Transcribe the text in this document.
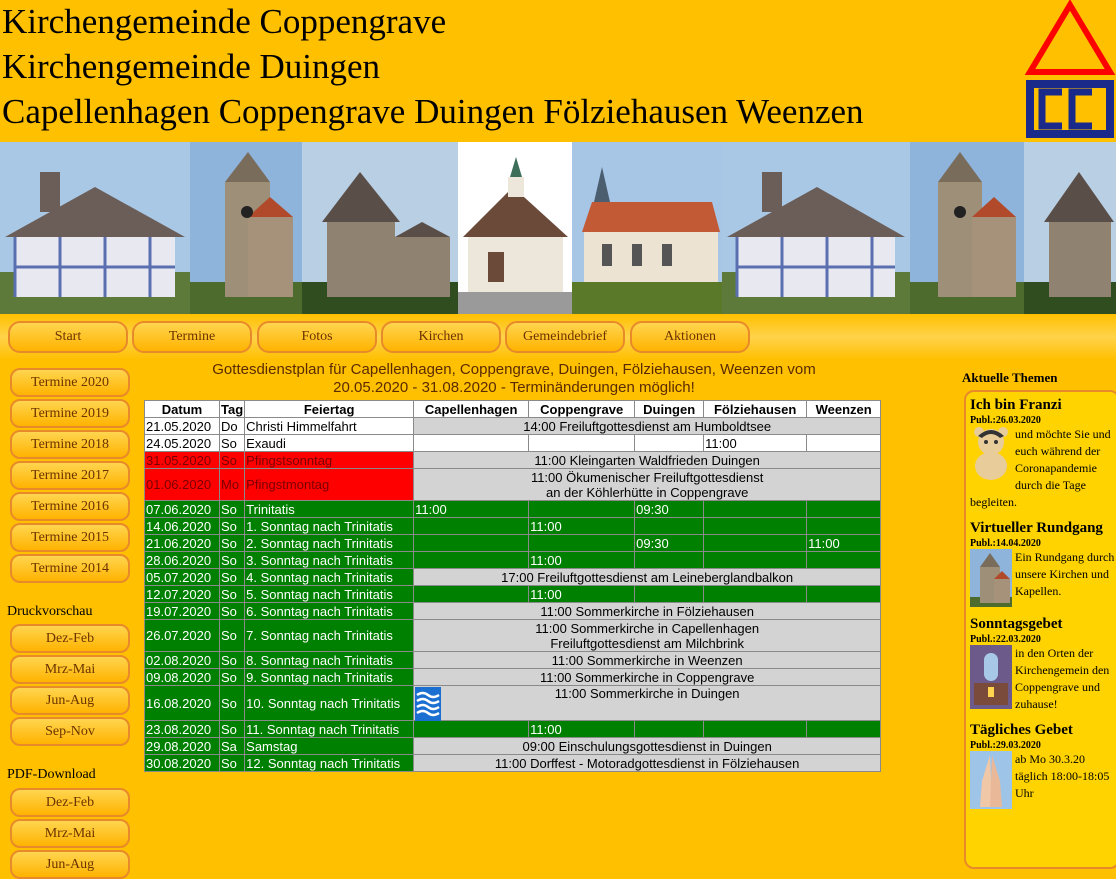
Kirchengemeinde Coppengrave
Kirchengemeinde Duingen
Capellenhagen Coppengrave Duingen Fölziehausen Weenzen
Start	Termine	Fotos	Kirchen	Gemeindebrief	Aktionen
Termine 2020
Termine 2019
Termine 2018
Termine 2017
Termine 2016
Termine 2015
Termine 2014
Druckvorschau
Dez-Feb
Mrz-Mai
Jun-Aug
Sep-Nov
PDF-Download
Dez-Feb
Mrz-Mai
Jun-Aug
Gottesdienstplan für Capellenhagen, Coppengrave, Duingen, Fölziehausen, Weenzen vom
20.05.2020 - 31.08.2020 - Terminänderungen möglich!
Datum	Tag	Feiertag	Capellenhagen	Coppengrave	Duingen	Fölziehausen	Weenzen
21.05.2020	Do	Christi Himmelfahrt	14:00 Freiluftgottesdienst am Humboldtsee				

24.05.2020	So	Exaudi				11:00	
31.05.2020	So	Pfingstsonntag	11:00 Kleingarten Waldfrieden Duingen				

01.06.2020	Mo	Pfingstmontag	11:00 Ökumenischer Freiluftgottesdienst
an der Köhlerhütte in Coppengrave				

07.06.2020	So	Trinitatis	11:00		09:30		
14.06.2020	So	1. Sonntag nach Trinitatis		11:00			
21.06.2020	So	2. Sonntag nach Trinitatis			09:30		11:00
28.06.2020	So	3. Sonntag nach Trinitatis		11:00			
05.07.2020	So	4. Sonntag nach Trinitatis	17:00 Freiluftgottesdienst am Leineberglandbalkon				

12.07.2020	So	5. Sonntag nach Trinitatis		11:00			
19.07.2020	So	6. Sonntag nach Trinitatis	11:00 Sommerkirche in Fölziehausen				

26.07.2020	So	7. Sonntag nach Trinitatis	11:00 Sommerkirche in Capellenhagen
Freiluftgottesdienst am Milchbrink				

02.08.2020	So	8. Sonntag nach Trinitatis	11:00 Sommerkirche in Weenzen				

09.08.2020	So	9. Sonntag nach Trinitatis	11:00 Sommerkirche in Coppengrave				

16.08.2020	So	10. Sonntag nach Trinitatis	11:00 Sommerkirche in Duingen				

23.08.2020	So	11. Sonntag nach Trinitatis		11:00			
29.08.2020	Sa	Samstag	09:00 Einschulungsgottesdienst in Duingen				

30.08.2020	So	12. Sonntag nach Trinitatis	11:00 Dorffest - Motoradgottesdienst in Fölziehausen				
Aktuelle Themen

Ich bin Franzi

Publ.:26.03.2020

und möchte Sie und euch während der Coronapandemie durch die Tage begleiten.

Virtueller Rundgang

Publ.:14.04.2020

Ein Rundgang durch unsere Kirchen und Kapellen.

Sonntagsgebet

Publ.:22.03.2020

in den Orten der Kirchengemein den Coppengrave und zuhause!

Tägliches Gebet

Publ.:29.03.2020

ab Mo 30.3.20 täglich 18:00-18:05 Uhr
